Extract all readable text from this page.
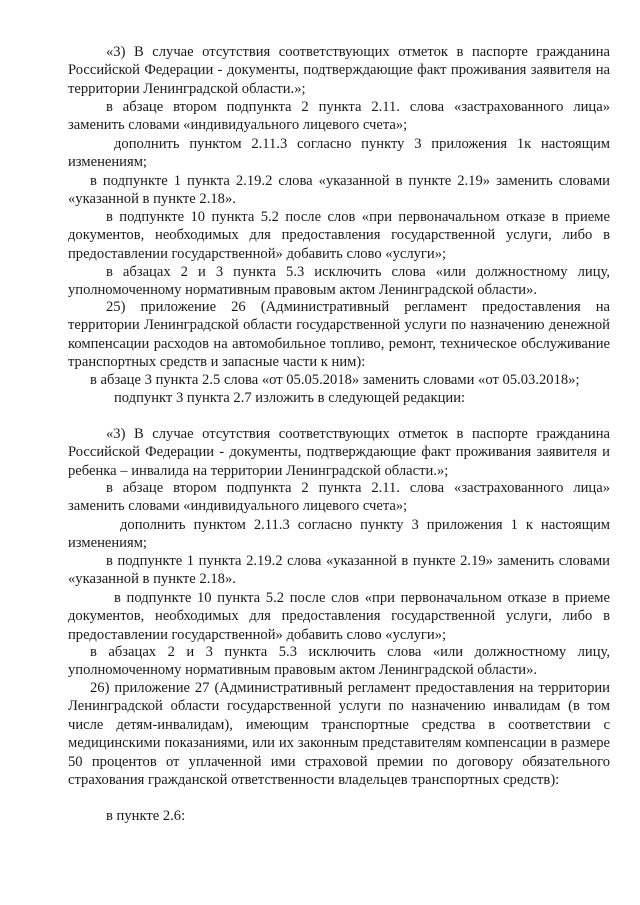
«3) В случае отсутствия соответствующих отметок в паспорте гражданина Российской Федерации - документы, подтверждающие факт проживания заявителя на территории Ленинградской области.»;

в абзаце втором подпункта 2 пункта 2.11. слова «застрахованного лица» заменить словами «индивидуального лицевого счета»;

дополнить пунктом 2.11.3 согласно пункту 3 приложения 1к настоящим изменениям;

в подпункте 1 пункта 2.19.2 слова «указанной в пункте 2.19» заменить словами «указанной в пункте 2.18».

в подпункте 10 пункта 5.2 после слов «при первоначальном отказе в приеме документов, необходимых для предоставления государственной услуги, либо в предоставлении государственной» добавить слово «услуги»;

в абзацах 2 и 3 пункта 5.3 исключить слова «или должностному лицу, уполномоченному нормативным правовым актом Ленинградской области».

25) приложение 26 (Административный регламент предоставления на территории Ленинградской области государственной услуги по назначению денежной компенсации расходов на автомобильное топливо, ремонт, техническое обслуживание транспортных средств и запасные части к ним):

в абзаце 3 пункта 2.5 слова «от 05.05.2018» заменить словами «от 05.03.2018»;

подпункт 3 пункта 2.7 изложить в следующей редакции:

«3) В случае отсутствия соответствующих отметок в паспорте гражданина Российской Федерации - документы, подтверждающие факт проживания заявителя и ребенка – инвалида на территории Ленинградской области.»;

в абзаце втором подпункта 2 пункта 2.11. слова «застрахованного лица» заменить словами «индивидуального лицевого счета»;

дополнить пунктом 2.11.3 согласно пункту 3 приложения 1 к настоящим изменениям;

в подпункте 1 пункта 2.19.2 слова «указанной в пункте 2.19» заменить словами «указанной в пункте 2.18».

в подпункте 10 пункта 5.2 после слов «при первоначальном отказе в приеме документов, необходимых для предоставления государственной услуги, либо в предоставлении государственной» добавить слово «услуги»;

в абзацах 2 и 3 пункта 5.3 исключить слова «или должностному лицу, уполномоченному нормативным правовым актом Ленинградской области».

26) приложение 27 (Административный регламент предоставления на территории Ленинградской области государственной услуги по назначению инвалидам (в том числе детям-инвалидам), имеющим транспортные средства в соответствии с медицинскими показаниями, или их законным представителям компенсации в размере 50 процентов от уплаченной ими страховой премии по договору обязательного страхования гражданской ответственности владельцев транспортных средств):

в пункте 2.6:
